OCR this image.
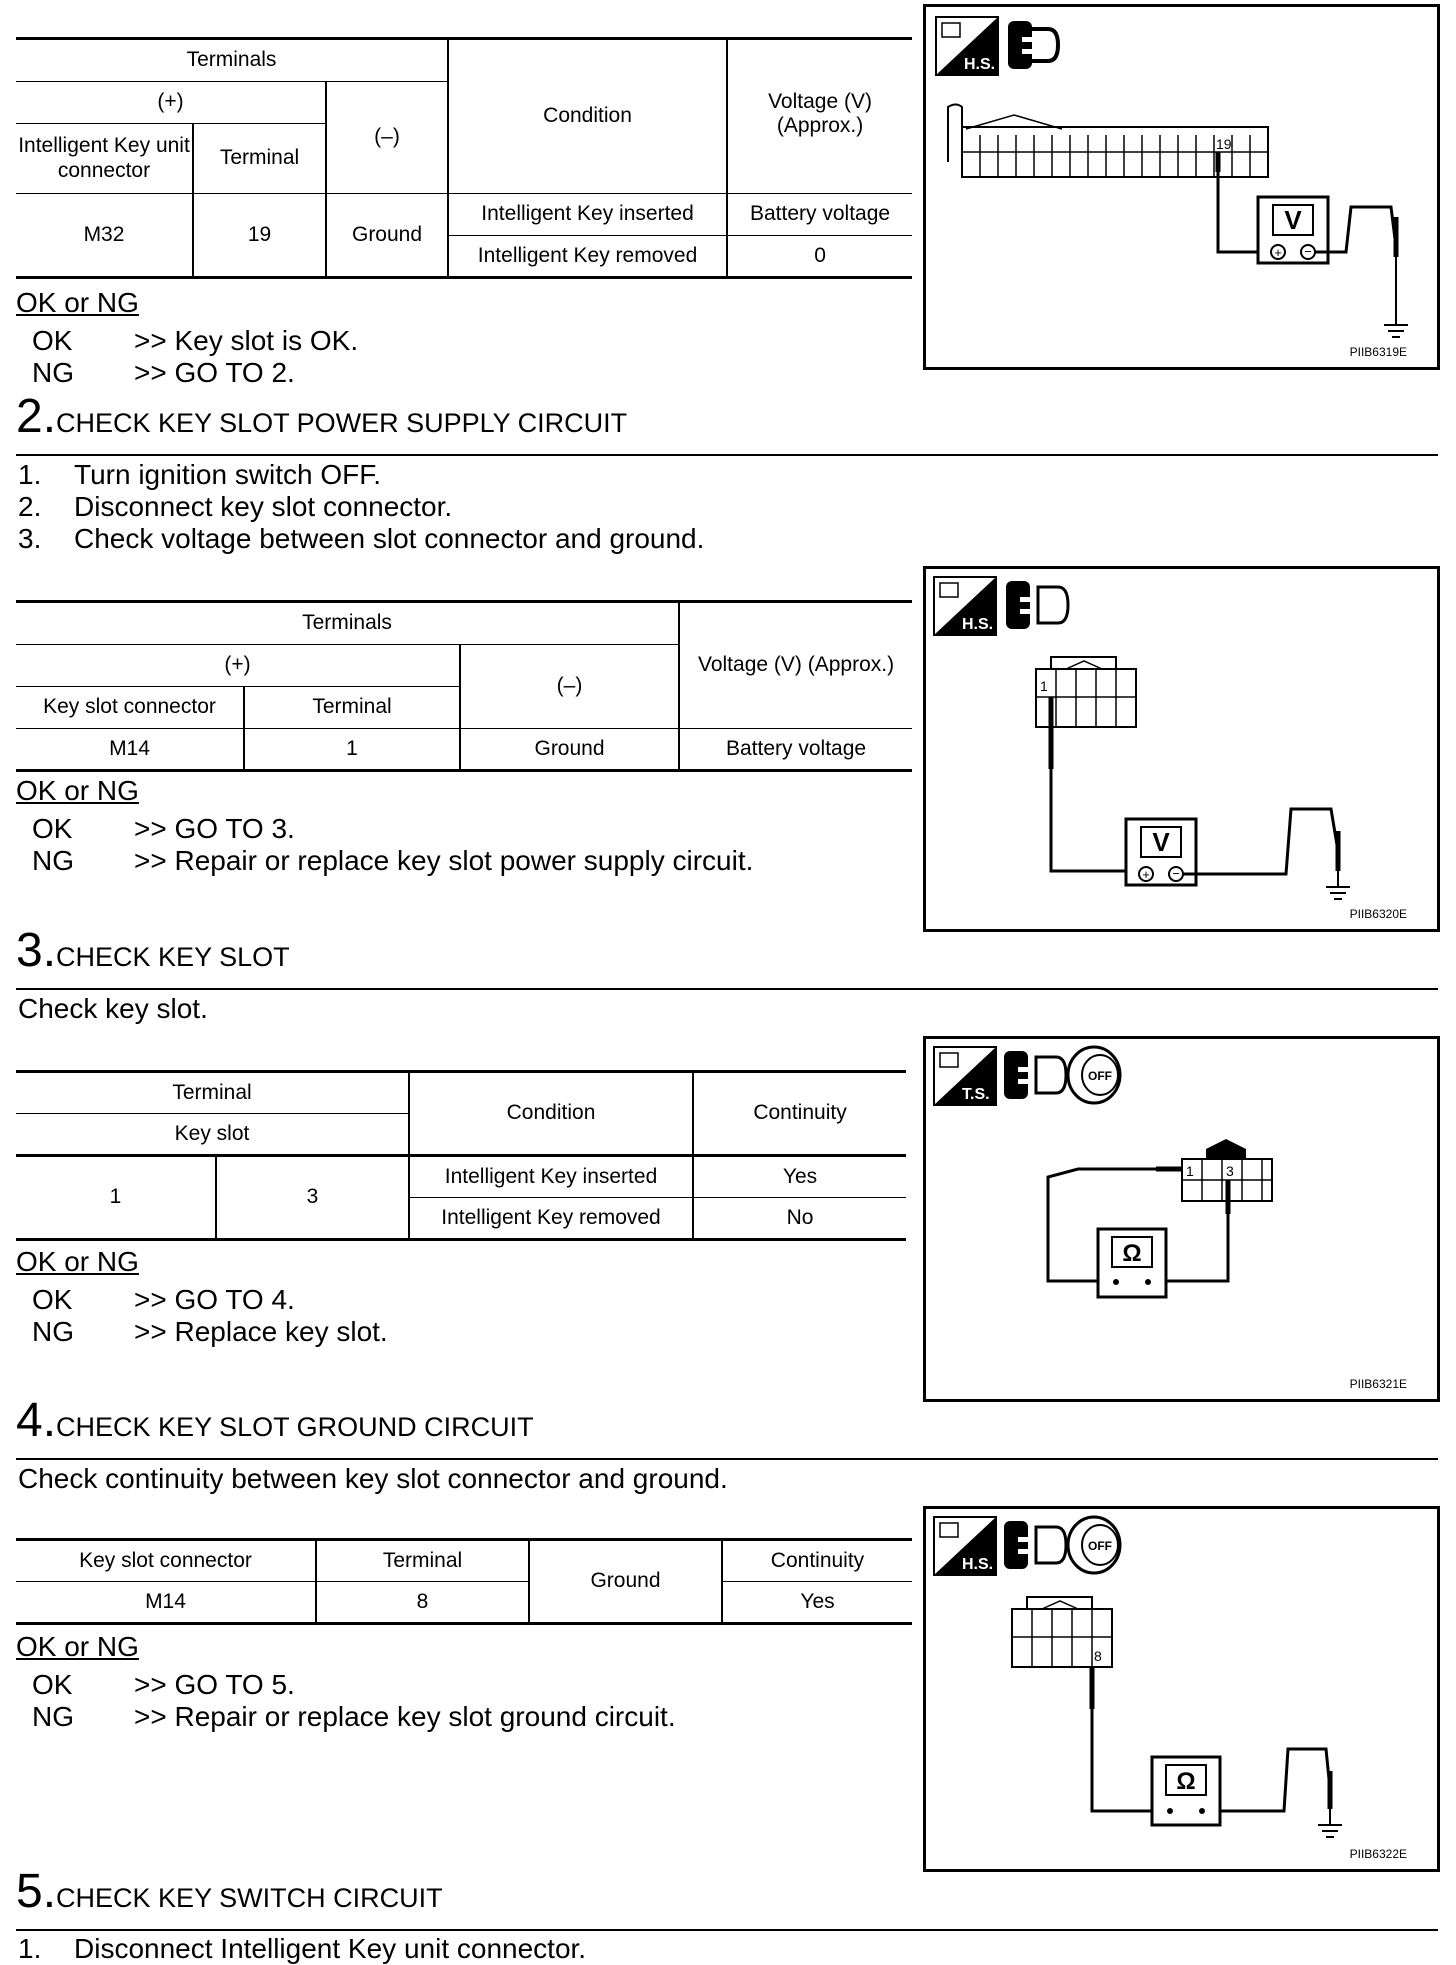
Terminals			Condition	Voltage (V) (Approx.)
(+)		(–)		
Intelligent Key unit connector	Terminal			
M32	19	Ground	Intelligent Key inserted	Battery voltage
			Intelligent Key removed	0
OK or NG
OK	>> Key slot is OK.
NG	>> GO TO 2.
H.S.
19
V
+ −
PIIB6319E
2.CHECK KEY SLOT POWER SUPPLY CIRCUIT
1.	Turn ignition switch OFF.
2.	Disconnect key slot connector.
3.	Check voltage between slot connector and ground.
Terminals			Voltage (V) (Approx.)
(+)		(–)	
Key slot connector	Terminal		
M14	1	Ground	Battery voltage
OK or NG
OK	>> GO TO 3.
NG	>> Repair or replace key slot power supply circuit.
H.S.
1
V
+ −
PIIB6320E
3.CHECK KEY SLOT
Check key slot.
Terminal		Condition	Continuity
Key slot			
1	3	Intelligent Key inserted	Yes
		Intelligent Key removed	No
OK or NG
OK	>> GO TO 4.
NG	>> Replace key slot.
T.S.
OFF
1 3
Ω
PIIB6321E
4.CHECK KEY SLOT GROUND CIRCUIT
Check continuity between key slot connector and ground.
Key slot connector	Terminal	Ground	Continuity
M14	8		Yes
OK or NG
OK	>> GO TO 5.
NG	>> Repair or replace key slot ground circuit.
H.S.
OFF
8
Ω
PIIB6322E
5.CHECK KEY SWITCH CIRCUIT
1.	Disconnect Intelligent Key unit connector.
